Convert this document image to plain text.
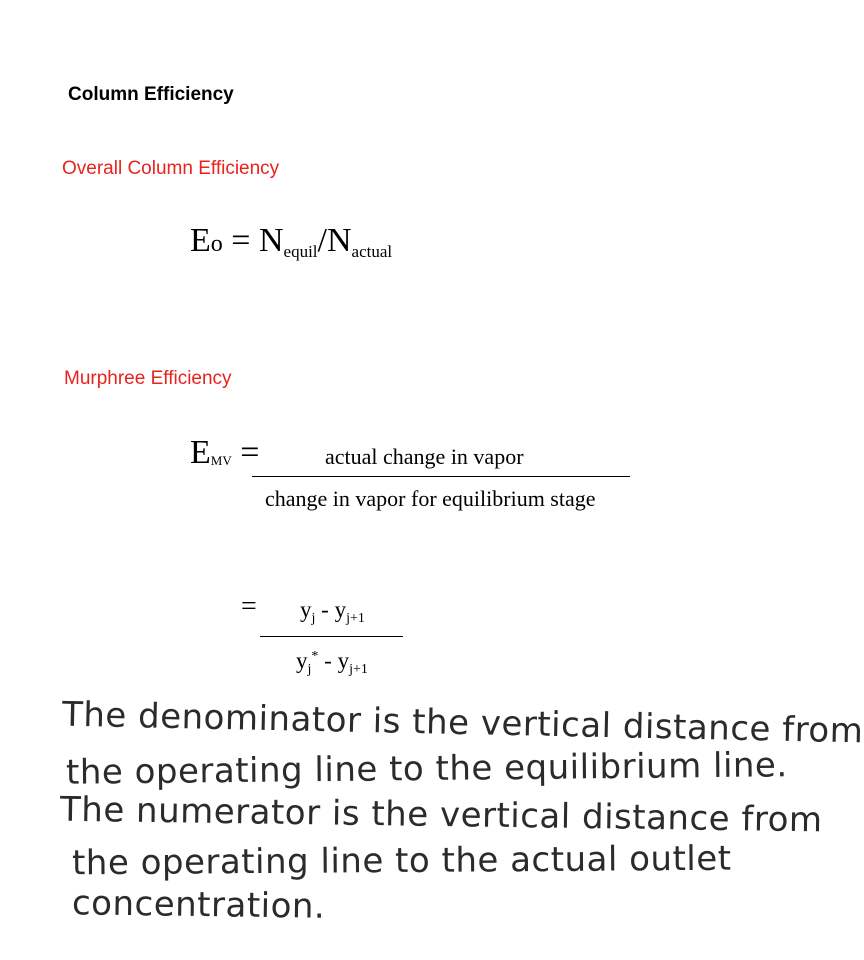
Column Efficiency
Overall Column Efficiency
$Eo = N_{equil}/N_{actual}$
Murphree Efficiency
$E_{MV}$ =	actual change in vapor
change in vapor for equilibrium stage
= $y_j - y_{j+1}$
$y_j^* - y_{j+1}$
The denominator is the vertical distance from
the operating line to the equilibrium line.
The numerator is the vertical distance from
the operating line to the actual outlet
concentration.
